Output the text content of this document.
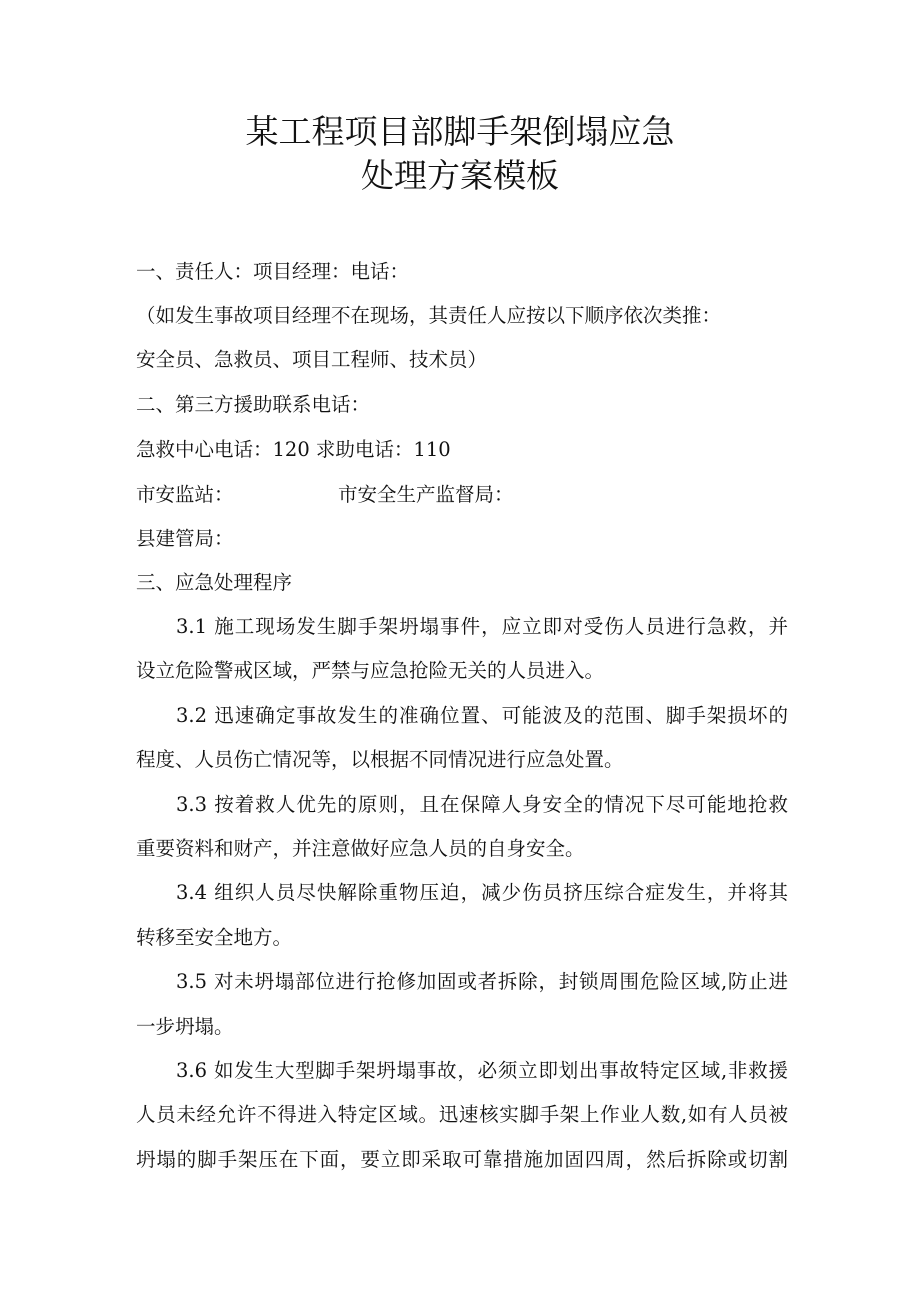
某工程项目部脚手架倒塌应急
处理方案模板
一、责任人：项目经理：电话：
（如发生事故项目经理不在现场，其责任人应按以下顺序依次类推：
安全员、急救员、项目工程师、技术员）
二、第三方援助联系电话：
急救中心电话：120 求助电话：110
市安监站：	市安全生产监督局：
县建管局：
三、应急处理程序
3.1 施工现场发生脚手架坍塌事件，应立即对受伤人员进行急救，并
设立危险警戒区域，严禁与应急抢险无关的人员进入。
3.2 迅速确定事故发生的准确位置、可能波及的范围、脚手架损坏的
程度、人员伤亡情况等，以根据不同情况进行应急处置。
3.3 按着救人优先的原则，且在保障人身安全的情况下尽可能地抢救
重要资料和财产，并注意做好应急人员的自身安全。
3.4 组织人员尽快解除重物压迫，减少伤员挤压综合症发生，并将其
转移至安全地方。
3.5 对未坍塌部位进行抢修加固或者拆除，封锁周围危险区域,防止进
一步坍塌。
3.6 如发生大型脚手架坍塌事故，必须立即划出事故特定区域,非救援
人员未经允许不得进入特定区域。迅速核实脚手架上作业人数,如有人员被
坍塌的脚手架压在下面，要立即采取可靠措施加固四周，然后拆除或切割
